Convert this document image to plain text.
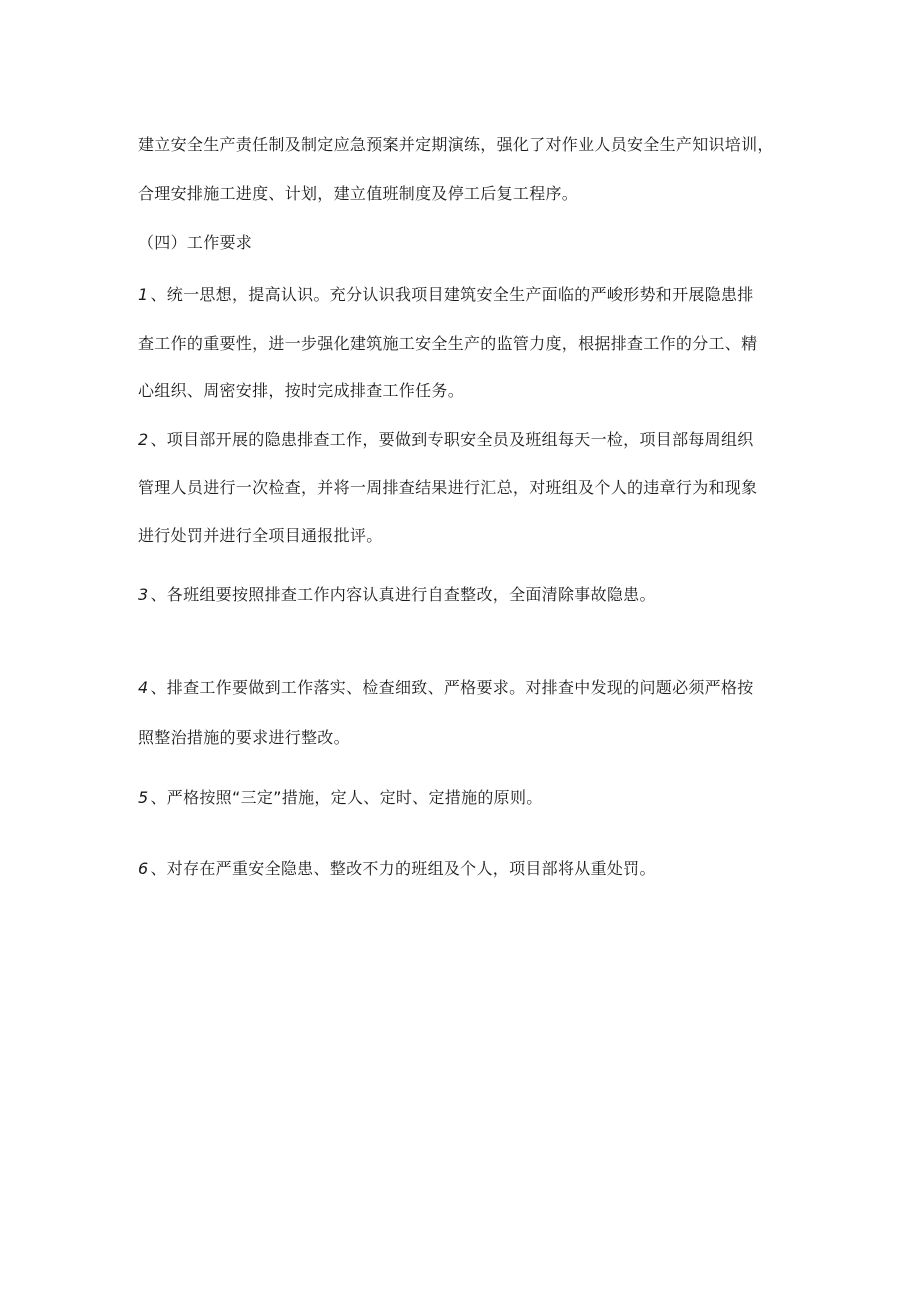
建立安全生产责任制及制定应急预案并定期演练，强化了对作业人员安全生产知识培训，
合理安排施工进度、计划，建立值班制度及停工后复工程序。
（四）工作要求
1 、统一思想，提高认识。充分认识我项目建筑安全生产面临的严峻形势和开展隐患排
查工作的重要性，进一步强化建筑施工安全生产的监管力度，根据排查工作的分工、精
心组织、周密安排，按时完成排查工作任务。
2 、项目部开展的隐患排查工作，要做到专职安全员及班组每天一检，项目部每周组织
管理人员进行一次检查，并将一周排查结果进行汇总，对班组及个人的违章行为和现象
进行处罚并进行全项目通报批评。
3 、各班组要按照排查工作内容认真进行自查整改，全面清除事故隐患。
4 、排查工作要做到工作落实、检查细致、严格要求。对排查中发现的问题必须严格按
照整治措施的要求进行整改。
5 、严格按照“三定”措施，定人、定时、定措施的原则。
6 、对存在严重安全隐患、整改不力的班组及个人，项目部将从重处罚。
